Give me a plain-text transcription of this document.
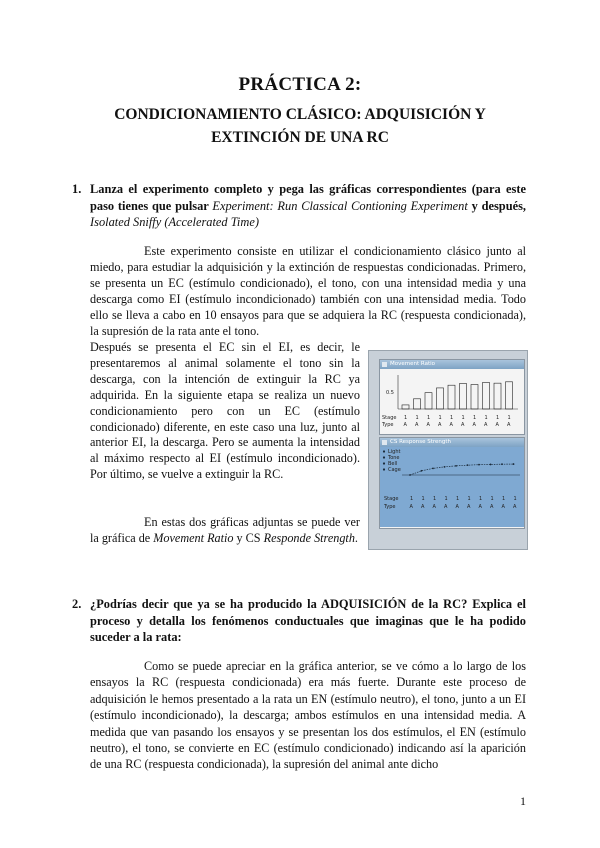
PRÁCTICA 2:
CONDICIONAMIENTO CLÁSICO: ADQUISICIÓN Y EXTINCIÓN DE UNA RC
1. Lanza el experimento completo y pega las gráficas correspondientes (para este paso tienes que pulsar Experiment: Run Classical Contioning Experiment y después, Isolated Sniffy (Accelerated Time)
Este experimento consiste en utilizar el condicionamiento clásico junto al miedo, para estudiar la adquisición y la extinción de respuestas condicionadas. Primero, se presenta un EC (estímulo condicionado), el tono, con una intensidad media y una descarga como EI (estímulo incondicionado) también con una intensidad media. Todo ello se lleva a cabo en 10 ensayos para que se adquiera la RC (respuesta condicionada), la supresión de la rata ante el tono.
Después se presenta el EC sin el EI, es decir, le presentaremos al animal solamente el tono sin la descarga, con la intención de extinguir la RC ya adquirida. En la siguiente etapa se realiza un nuevo condicionamiento pero con un EC (estímulo condicionado) diferente, en este caso una luz, junto al anterior EI, la descarga. Pero se aumenta la intensidad al máximo respecto al EI (estímulo incondicionado). Por último, se vuelve a extinguir la RC.
En estas dos gráficas adjuntas se puede ver la gráfica de Movement Ratio y CS Responde Strength.
Movement Ratio
0.5
Stage
Type
1 1 1 1 1 1 1 1 1 1
A A A A A A A A A A
CS Response Strength
Light
Tone
Bell
Cage
Stage
Type
1 1 1 1 1 1 1 1 1 1
A A A A A A A A A A
2. ¿Podrías decir que ya se ha producido la ADQUISICIÓN de la RC? Explica el proceso y detalla los fenómenos conductuales que imaginas que le ha podido suceder a la rata:
Como se puede apreciar en la gráfica anterior, se ve cómo a lo largo de los ensayos la RC (respuesta condicionada) era más fuerte. Durante este proceso de adquisición le hemos presentado a la rata un EN (estímulo neutro), el tono, junto a un EI (estímulo incondicionado), la descarga; ambos estímulos en una intensidad media. A medida que van pasando los ensayos y se presentan los dos estímulos, el EN (estímulo neutro), el tono, se convierte en EC (estímulo condicionado) indicando así la aparición de una RC (respuesta condicionada), la supresión del animal ante dicho
1
